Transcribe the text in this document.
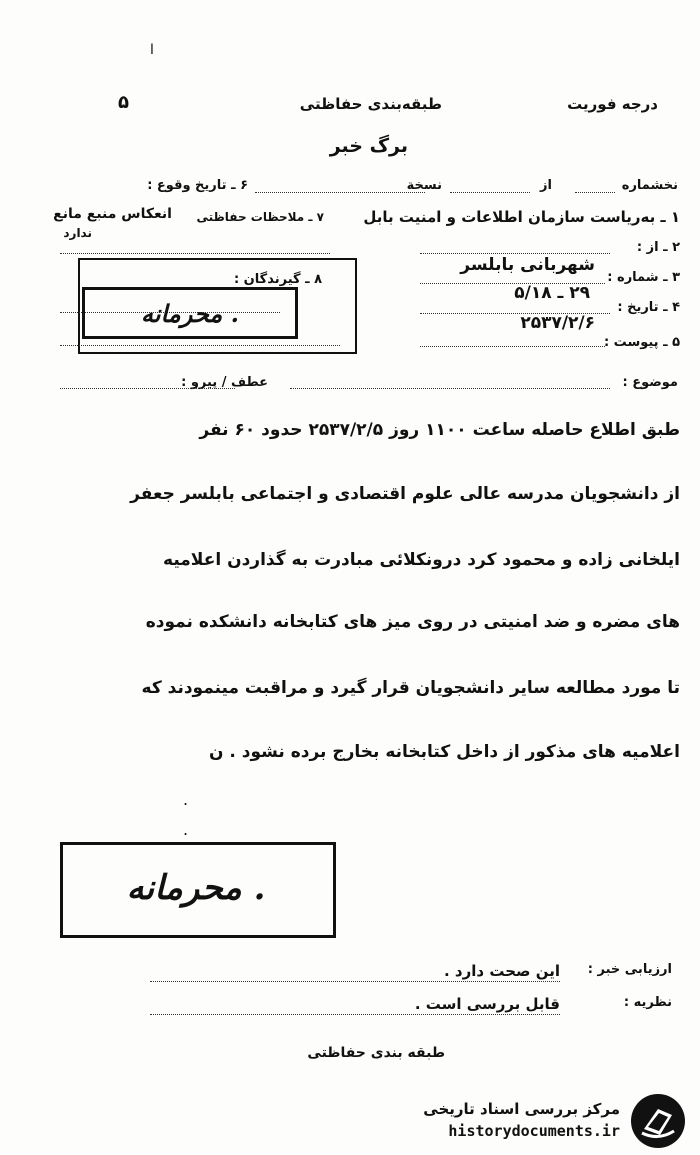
ا
۵	طبقه‌بندی حفاظتی	درجه فوریت
برگ خبر
نخشماره
از
نسخة
۶ ـ تاریخ وقوع :
۱ ـ به‌ریاست سازمان اطلاعات و امنیت بابل
۷ ـ ملاحظات حفاظتی
انعکاس منبع مانع
ندارد
۲ ـ از :
۳ ـ شماره :
شهربانی بابلسر
۴ ـ تاریخ :
۲۹ ـ ۵/۱۸
۵ ـ پیوست :
۲۵۳۷/۲/۶
۸ ـ گیرندگان :
محرمانه .
موضوع :
عطف / پیرو :
طبق اطلاع حاصله ساعت ۱۱۰۰ روز ۲۵۳۷/۲/۵ حدود ۶۰ نفر
از دانشجویان مدرسه عالی علوم اقتصادی و اجتماعی بابلسر جعفر
ایلخانی زاده و محمود کرد درونکلائی مبادرت به گذاردن اعلامیه
های مضره و ضد امنیتی در روی میز های کتابخانه دانشکده نموده
تا مورد مطالعه سایر دانشجویان قرار گیرد و مراقبت مینمودند که
اعلامیه های مذکور از داخل کتابخانه بخارج برده نشود . ن
.
.
محرمانه .
ارزیابی خبر :
این صحت دارد .
نظریه :
قابل بررسی است .
طبقه بندی حفاظتی
مرکز بررسی اسناد تاریخی
historydocuments.ir
